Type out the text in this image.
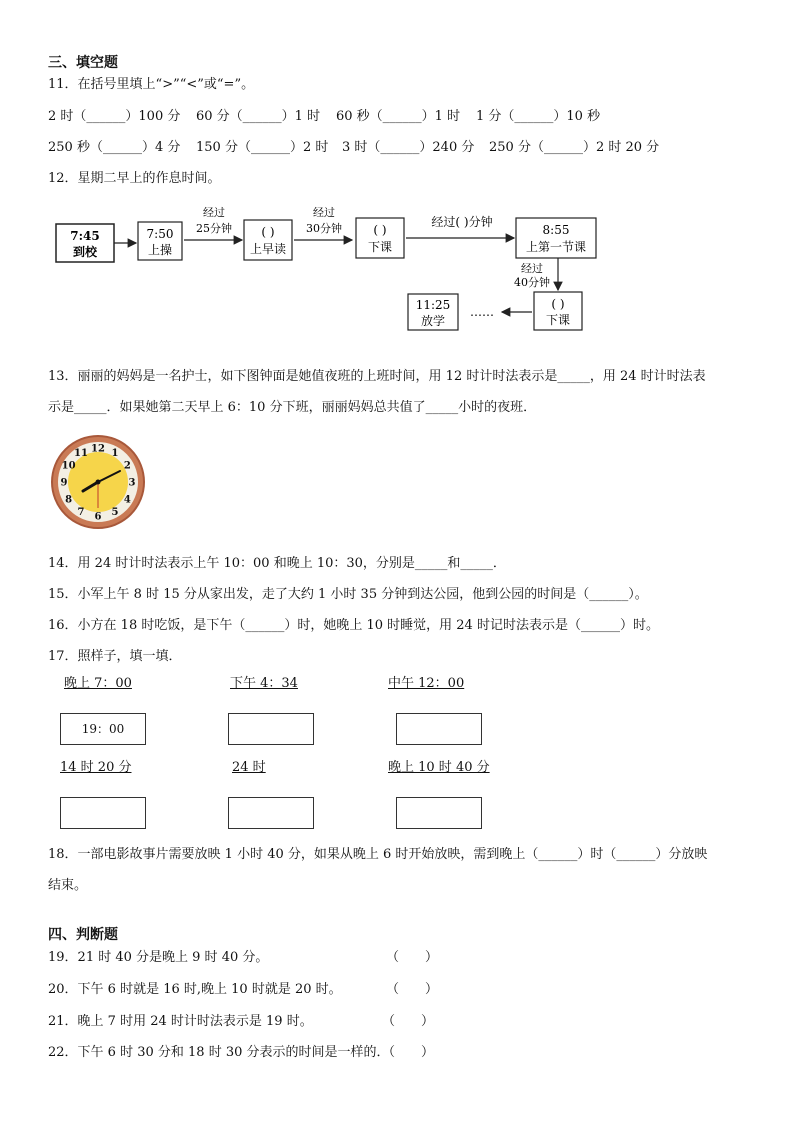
三、填空题
11．在括号里填上“>”“<”或“=”。
2 时（______）100 分 60 分（______）1 时 60 秒（______）1 时 1 分（______）10 秒
250 秒（______）4 分 150 分（______）2 时 3 时（______）240 分 250 分（______）2 时 20 分
12．星期二早上的作息时间。
7:45
到校
7:50
上操
经过
25分钟 ( )
上早读
经过
30分钟	( )
下课
经过( )分钟
8:55
上第一节课
经过
40分钟
( )
下课
……
11:25
放学
13．丽丽的妈妈是一名护士，如下图钟面是她值夜班的上班时间，用 12 时计时法表示是_____，用 24 时计时法表
示是_____．如果她第二天早上 6：10 分下班，丽丽妈妈总共值了_____小时的夜班．
12 1
2
3
4
5
6
7
8
9
10
11
14．用 24 时计时法表示上午 10：00 和晚上 10：30，分别是_____和_____．
15．小军上午 8 时 15 分从家出发，走了大约 1 小时 35 分钟到达公园，他到公园的时间是（______）。
16．小方在 18 时吃饭，是下午（______）时，她晚上 10 时睡觉，用 24 时记时法表示是（______）时。
17．照样子，填一填．
晚上 7：00	下午 4：34	中午 12：00
19：00
14 时 20 分	24 时	晚上 10 时 40 分
18．一部电影故事片需要放映 1 小时 40 分，如果从晚上 6 时开始放映，需到晚上（______）时（______）分放映
结束。
四、判断题
19．21 时 40 分是晚上 9 时 40 分。	（　　）
20．下午 6 时就是 16 时,晚上 10 时就是 20 时。	（　　）
21．晚上 7 时用 24 时计时法表示是 19 时。	（　　）
22．下午 6 时 30 分和 18 时 30 分表示的时间是一样的．
（　　）
